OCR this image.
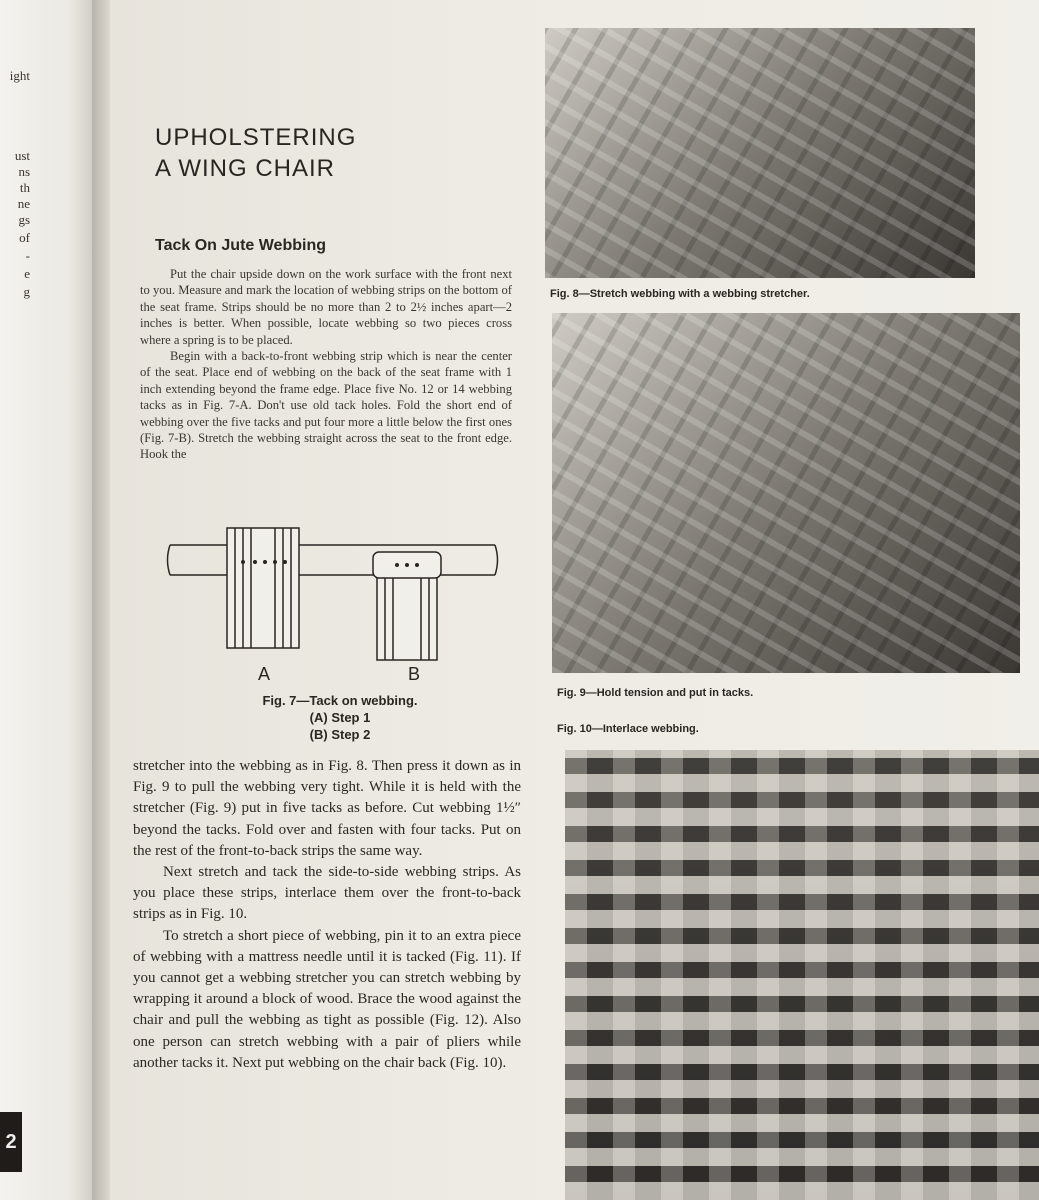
ight
ust
ns
th
ne
gs
of
-
e
g
2
UPHOLSTERING
A WING CHAIR
Tack On Jute Webbing

Put the chair upside down on the work surface with the front next to you. Measure and mark the location of webbing strips on the bottom of the seat frame. Strips should be no more than 2 to 2½ inches apart—2 inches is better. When possible, locate webbing so two pieces cross where a spring is to be placed.

Begin with a back-to-front webbing strip which is near the center of the seat. Place end of webbing on the back of the seat frame with 1 inch extending beyond the frame edge. Place five No. 12 or 14 webbing tacks as in Fig. 7-A. Don't use old tack holes. Fold the short end of webbing over the five tacks and put four more a little below the first ones (Fig. 7-B). Stretch the webbing straight across the seat to the front edge. Hook the

A	B
Fig. 7—Tack on webbing.
(A) Step 1
(B) Step 2

stretcher into the webbing as in Fig. 8. Then press it down as in Fig. 9 to pull the webbing very tight. While it is held with the stretcher (Fig. 9) put in five tacks as before. Cut webbing 1½″ beyond the tacks. Fold over and fasten with four tacks. Put on the rest of the front-to-back strips the same way.

Next stretch and tack the side-to-side webbing strips. As you place these strips, interlace them over the front-to-back strips as in Fig. 10.

To stretch a short piece of webbing, pin it to an extra piece of webbing with a mattress needle until it is tacked (Fig. 11). If you cannot get a webbing stretcher you can stretch webbing by wrapping it around a block of wood. Brace the wood against the chair and pull the webbing as tight as possible (Fig. 12). Also one person can stretch webbing with a pair of pliers while another tacks it. Next put webbing on the chair back (Fig. 10).

Fig. 8—Stretch webbing with a webbing stretcher.
Fig. 9—Hold tension and put in tacks.
Fig. 10—Interlace webbing.
